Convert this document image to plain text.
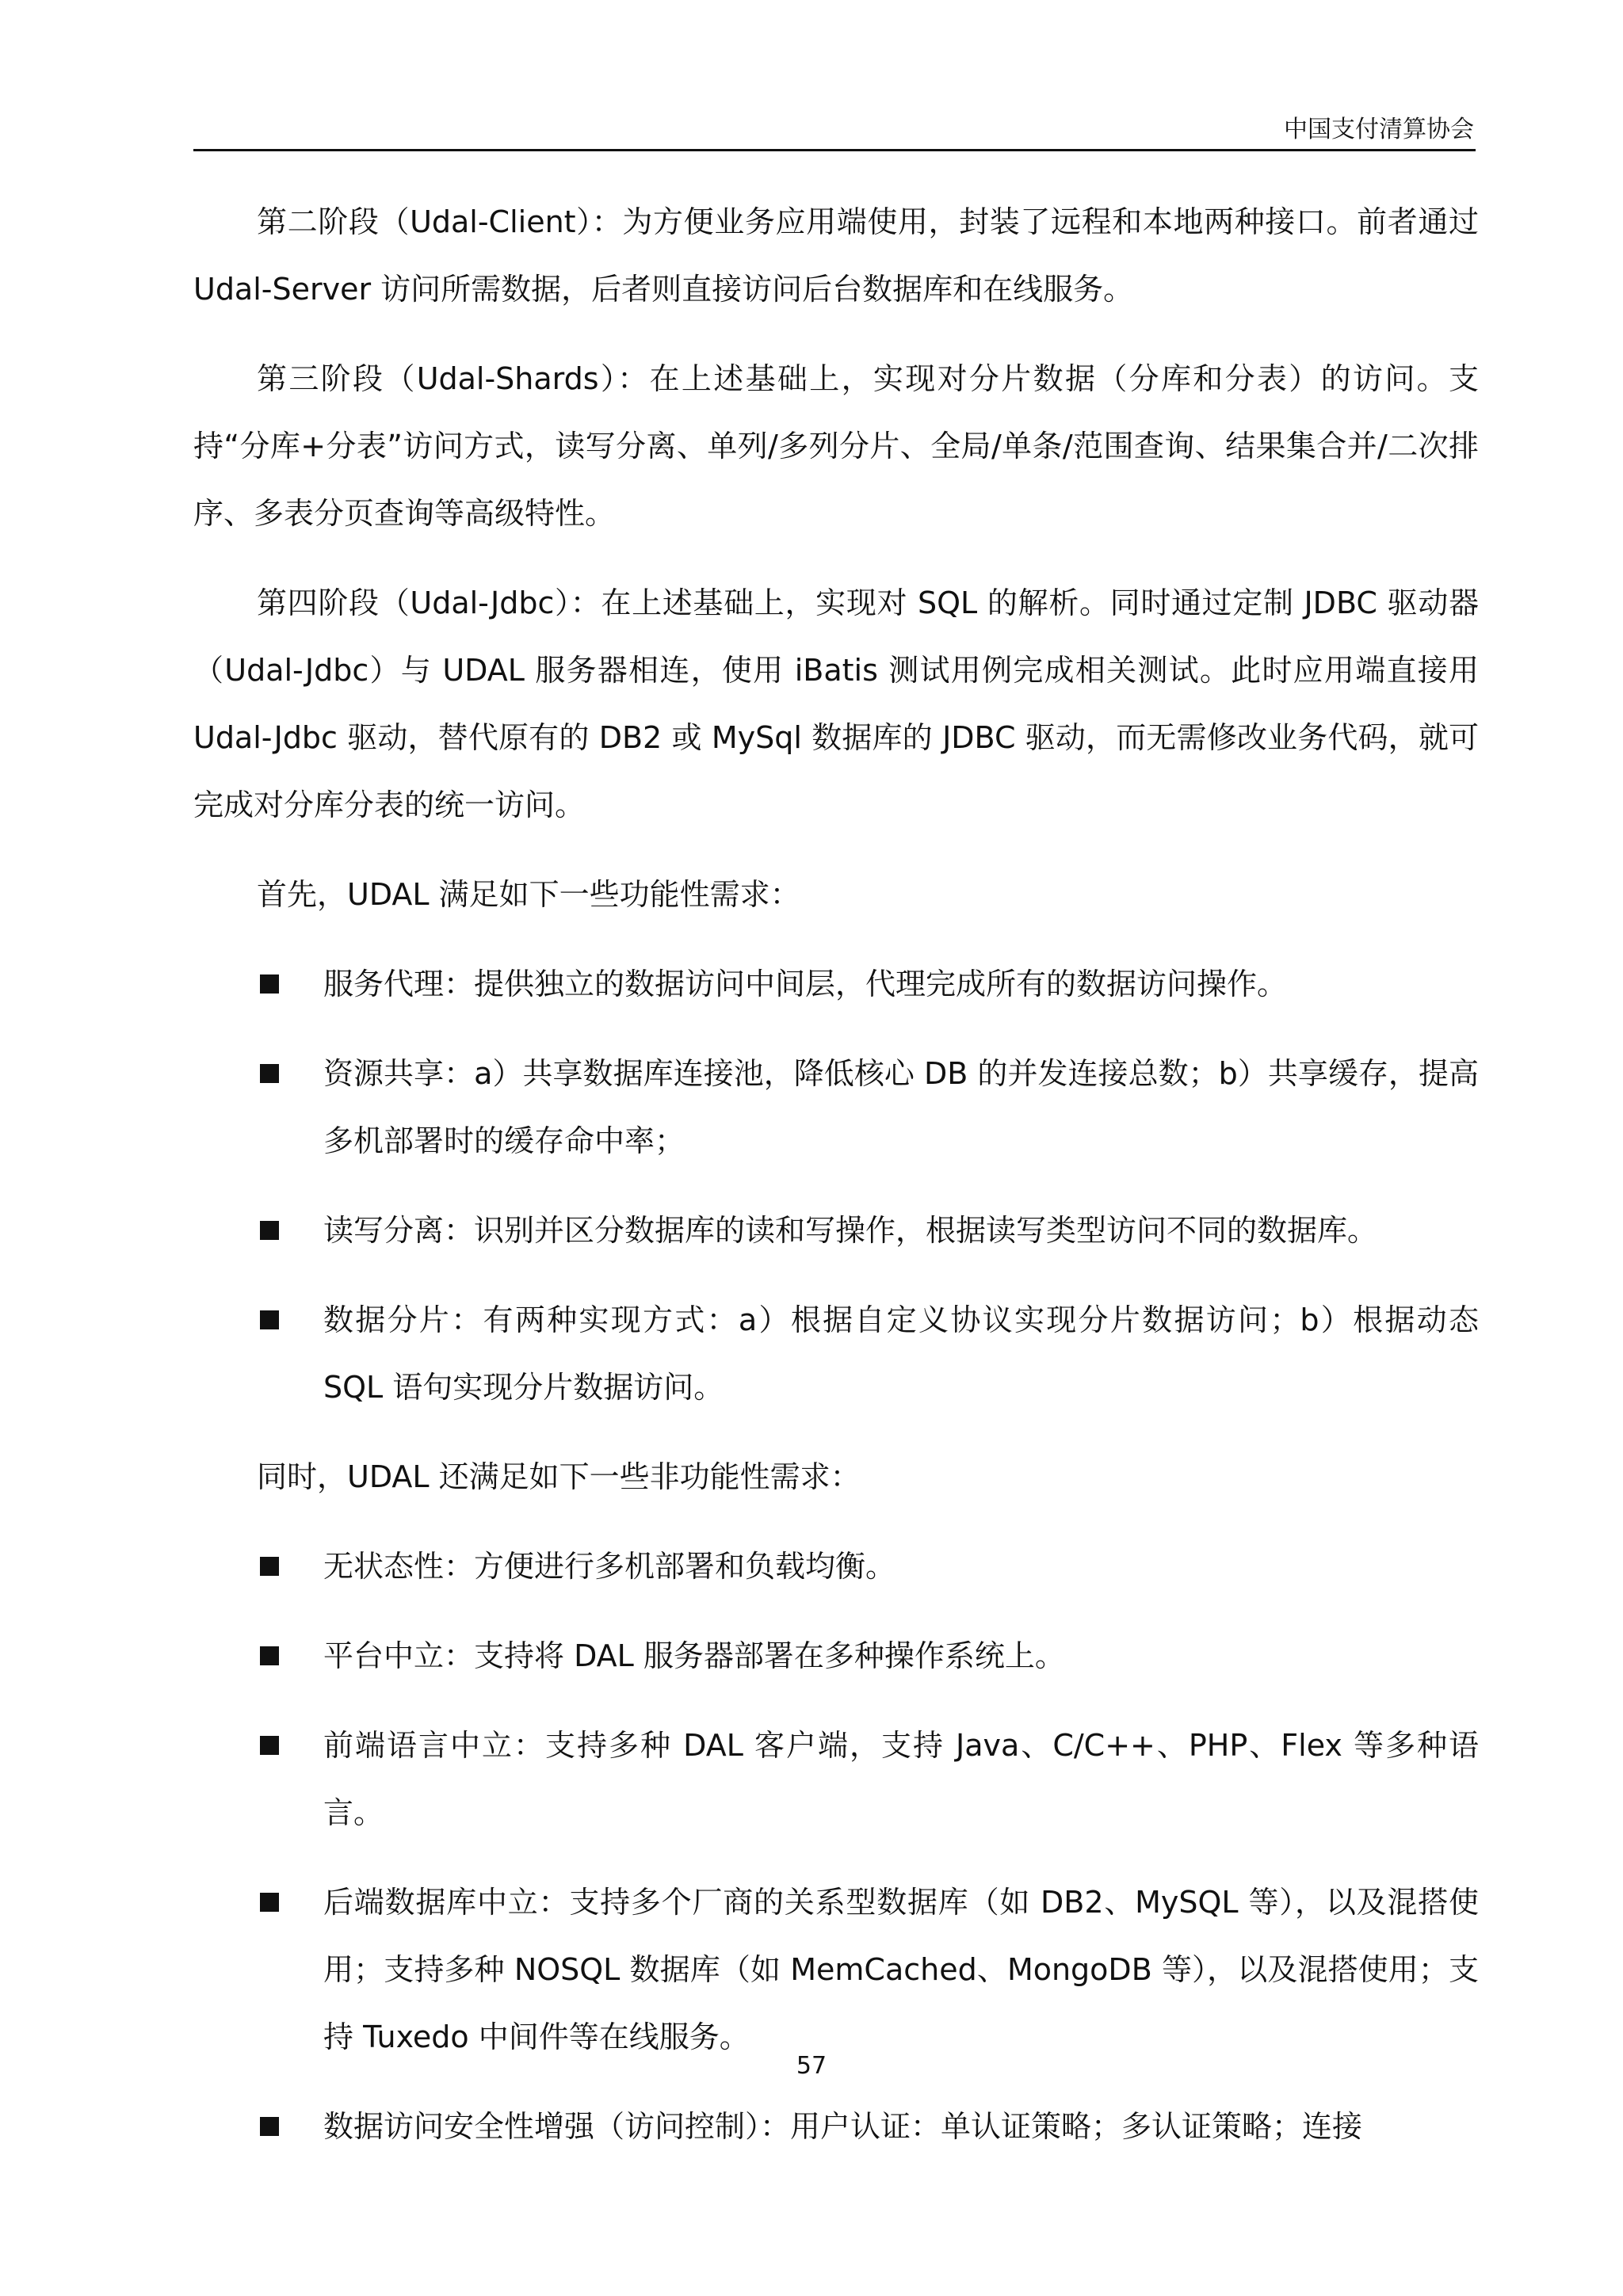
中国支付清算协会

第二阶段（Udal-Client）：为方便业务应用端使用，封装了远程和本地两种接口。前者通过 Udal-Server 访问所需数据，后者则直接访问后台数据库和在线服务。

第三阶段（Udal-Shards）：在上述基础上，实现对分片数据（分库和分表）的访问。支持“分库+分表”访问方式，读写分离、单列/多列分片、全局/单条/范围查询、结果集合并/二次排序、多表分页查询等高级特性。

第四阶段（Udal-Jdbc）：在上述基础上，实现对 SQL 的解析。同时通过定制 JDBC 驱动器（Udal-Jdbc）与 UDAL 服务器相连，使用 iBatis 测试用例完成相关测试。此时应用端直接用 Udal-Jdbc 驱动，替代原有的 DB2 或 MySql 数据库的 JDBC 驱动，而无需修改业务代码，就可完成对分库分表的统一访问。

首先，UDAL 满足如下一些功能性需求：

服务代理：提供独立的数据访问中间层，代理完成所有的数据访问操作。
资源共享：a）共享数据库连接池，降低核心 DB 的并发连接总数；b）共享缓存，提高多机部署时的缓存命中率；
读写分离：识别并区分数据库的读和写操作，根据读写类型访问不同的数据库。
数据分片：有两种实现方式：a）根据自定义协议实现分片数据访问；b）根据动态 SQL 语句实现分片数据访问。

同时，UDAL 还满足如下一些非功能性需求：

无状态性：方便进行多机部署和负载均衡。
平台中立：支持将 DAL 服务器部署在多种操作系统上。
前端语言中立：支持多种 DAL 客户端，支持 Java、C/C++、PHP、Flex 等多种语言。
后端数据库中立：支持多个厂商的关系型数据库（如 DB2、MySQL 等），以及混搭使用；支持多种 NOSQL 数据库（如 MemCached、MongoDB 等），以及混搭使用；支持 Tuxedo 中间件等在线服务。
数据访问安全性增强（访问控制）：用户认证：单认证策略；多认证策略；连接
57
